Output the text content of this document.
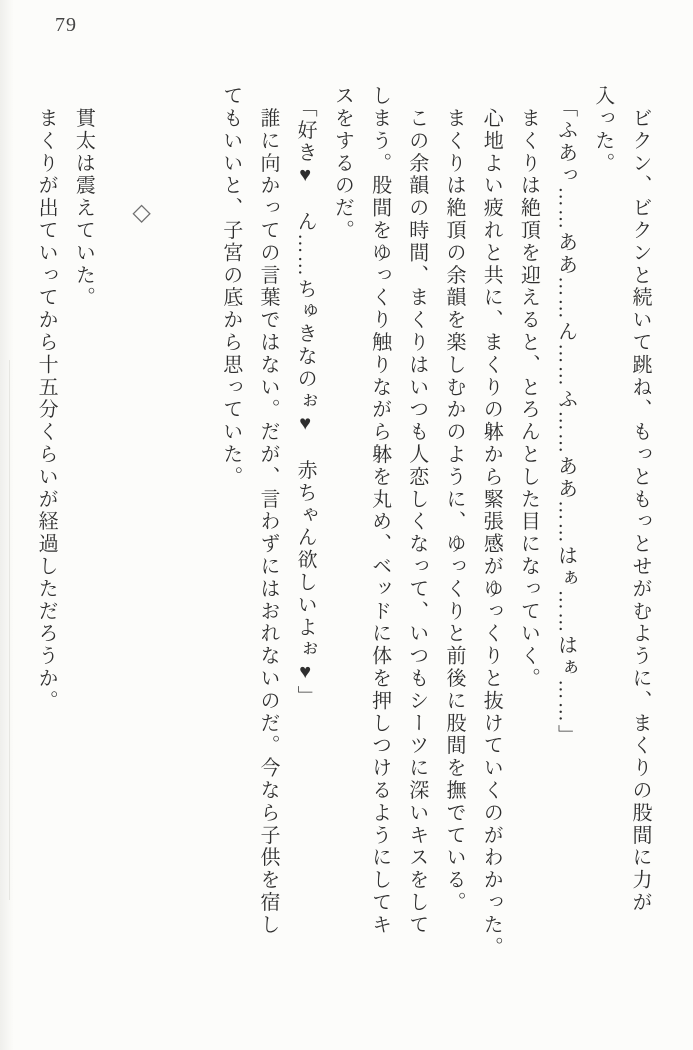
79

　ビクン、ビクンと続いて跳ね、もっともっとせがむように、まくりの股間に力が

入った。

「ふあっ……ああ……ん……ふ……ああ……はぁ……はぁ……」

　まくりは絶頂を迎えると、とろんとした目になっていく。

　心地よい疲れと共に、まくりの躰から緊張感がゆっくりと抜けていくのがわかった。

　まくりは絶頂の余韻を楽しむかのように、ゆっくりと前後に股間を撫でている。

　この余韻の時間、まくりはいつも人恋しくなって、いつもシーツに深いキスをして

しまう。股間をゆっくり触りながら躰を丸め、ベッドに体を押しつけるようにしてキ

スをするのだ。

「好き♥　ん……ちゅきなのぉ♥　赤ちゃん欲しいよぉ♥」

　誰に向かっての言葉ではない。だが、言わずにはおれないのだ。今なら子供を宿し

てもいいと、子宮の底から思っていた。

◇

　貫太は震えていた。

　まくりが出ていってから十五分くらいが経過しただろうか。
